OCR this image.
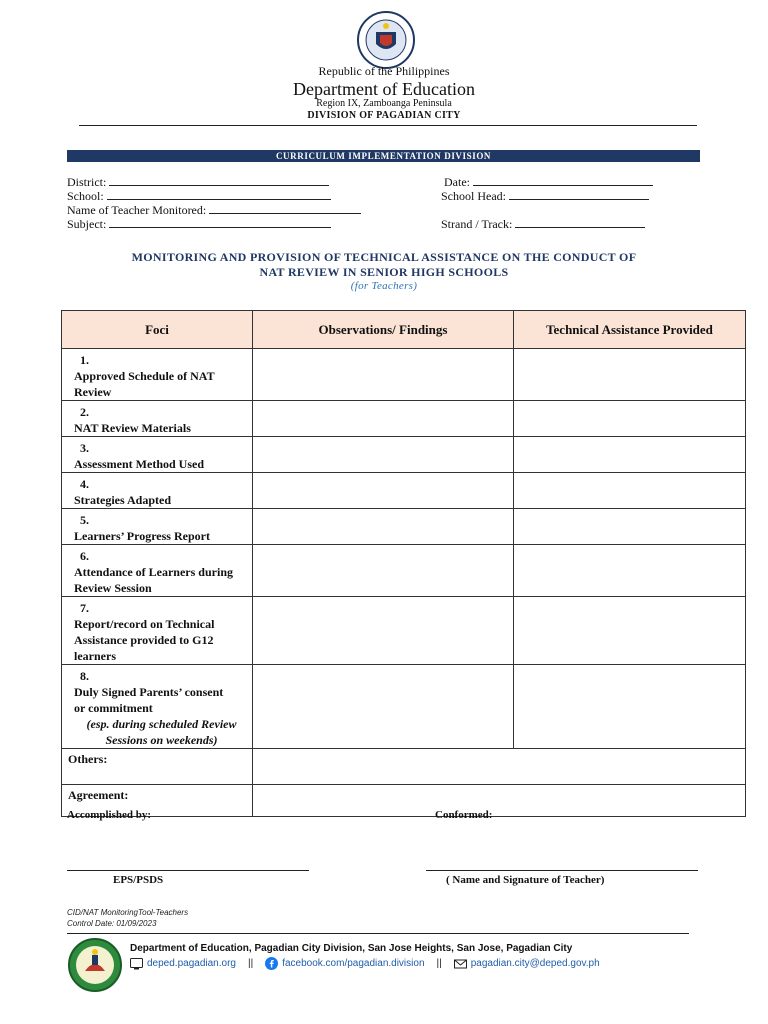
Republic of the Philippines
Department of Education
Region IX, Zamboanga Peninsula
DIVISION OF PAGADIAN CITY
CURRICULUM IMPLEMENTATION DIVISION
District:	Date:
School:	School Head:
Name of Teacher Monitored:
Subject:	Strand / Track:
MONITORING AND PROVISION OF TECHNICAL ASSISTANCE ON THE CONDUCT OF
NAT REVIEW IN SENIOR HIGH SCHOOLS
(for Teachers)
Foci	Observations/ Findings	Technical Assistance Provided
1.Approved Schedule of NAT Review		
2.NAT Review Materials		
3.Assessment Method Used		
4.Strategies Adapted		
5.Learners’ Progress Report		
6.Attendance of Learners during Review Session		
7.Report/record on Technical Assistance provided to G12 learners		
8.Duly Signed Parents’ consent or commitment
(esp. during scheduled Review Sessions on weekends)		

Others:		
Agreement:		
Accomplished by:	Conformed:
EPS/PSDS	( Name and Signature of Teacher)
CID/NAT MonitoringTool-Teachers
Control Date: 01/09/2023
Department of Education, Pagadian City Division, San Jose Heights, San Jose, Pagadian City
deped.pagadian.org ||	facebook.com/pagadian.division ||	pagadian.city@deped.gov.ph
